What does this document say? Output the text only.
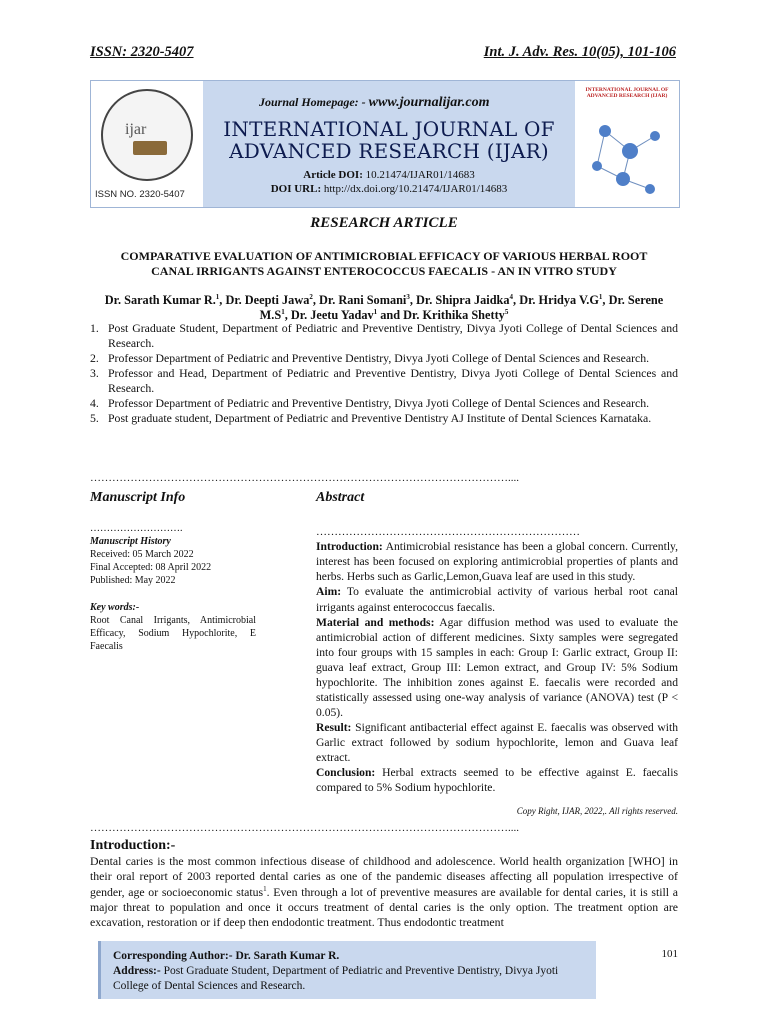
ISSN: 2320-5407	Int. J. Adv. Res. 10(05), 101-106
ijar
ISSN NO. 2320-5407
Journal Homepage: - www.journalijar.com
INTERNATIONAL JOURNAL OF
ADVANCED RESEARCH (IJAR)
Article DOI: 10.21474/IJAR01/14683
DOI URL: http://dx.doi.org/10.21474/IJAR01/14683
INTERNATIONAL JOURNAL OF ADVANCED RESEARCH (IJAR)
RESEARCH ARTICLE
COMPARATIVE EVALUATION OF ANTIMICROBIAL EFFICACY OF VARIOUS HERBAL ROOT
CANAL IRRIGANTS AGAINST ENTEROCOCCUS FAECALIS - AN IN VITRO STUDY
Dr. Sarath Kumar R.$^1$, Dr. Deepti Jawa$^2$, Dr. Rani Somani$^3$, Dr. Shipra Jaidka$^4$, Dr. Hridya $V.G^1$, Dr. Serene $M.S^1$, Dr. Jeetu Yadav$^1$ and Dr. Krithika Shetty$^5$
1. Post Graduate Student, Department of Pediatric and Preventive Dentistry, Divya Jyoti College of Dental Sciences and Research.
2. Professor Department of Pediatric and Preventive Dentistry, Divya Jyoti College of Dental Sciences and Research.
3. Professor and Head, Department of Pediatric and Preventive Dentistry, Divya Jyoti College of Dental Sciences and Research.
4. Professor Department of Pediatric and Preventive Dentistry, Divya Jyoti College of Dental Sciences and Research.
5. Post graduate student, Department of Pediatric and Preventive Dentistry AJ Institute of Dental Sciences Karnataka.
……………………………………………………………………………………………………....
Manuscript Info
……………………….
Manuscript History
Received: 05 March 2022
Final Accepted: 08 April 2022
Published: May 2022
Key words:-
Root Canal Irrigants, Antimicrobial Efficacy, Sodium Hypochlorite, E Faecalis
Abstract

………………………………………………………………

Introduction: Antimicrobial resistance has been a global concern. Currently, interest has been focused on exploring antimicrobial properties of plants and herbs. Herbs such as Garlic,Lemon,Guava leaf are used in this study.

Aim: To evaluate the antimicrobial activity of various herbal root canal irrigants against enterococcus faecalis.

Material and methods: Agar diffusion method was used to evaluate the antimicrobial action of different medicines. Sixty samples were segregated into four groups with 15 samples in each: Group I: Garlic extract, Group II: guava leaf extract, Group III: Lemon extract, and Group IV: 5% Sodium hypochlorite. The inhibition zones against E. faecalis were recorded and statistically assessed using one-way analysis of variance (ANOVA) test (P < 0.05).

Result: Significant antibacterial effect against E. faecalis was observed with Garlic extract followed by sodium hypochlorite, lemon and Guava leaf extract.

Conclusion: Herbal extracts seemed to be effective against E. faecalis compared to 5% Sodium hypochlorite.

Copy Right, IJAR, 2022,. All rights reserved.
……………………………………………………………………………………………………....
Introduction:-
Dental caries is the most common infectious disease of childhood and adolescence. World health organization [WHO] in their oral report of 2003 reported dental caries as one of the pandemic diseases affecting all population irrespective of gender, age or socioeconomic status$^1$. Even through a lot of preventive measures are available for dental caries, it is still a major threat to population and once it occurs treatment of dental caries is the only option. The treatment option are excavation, restoration or if deep then endodontic treatment. Thus endodontic treatment
Corresponding Author:- Dr. Sarath Kumar R.
Address:- Post Graduate Student, Department of Pediatric and Preventive Dentistry, Divya Jyoti College of Dental Sciences and Research.
101
